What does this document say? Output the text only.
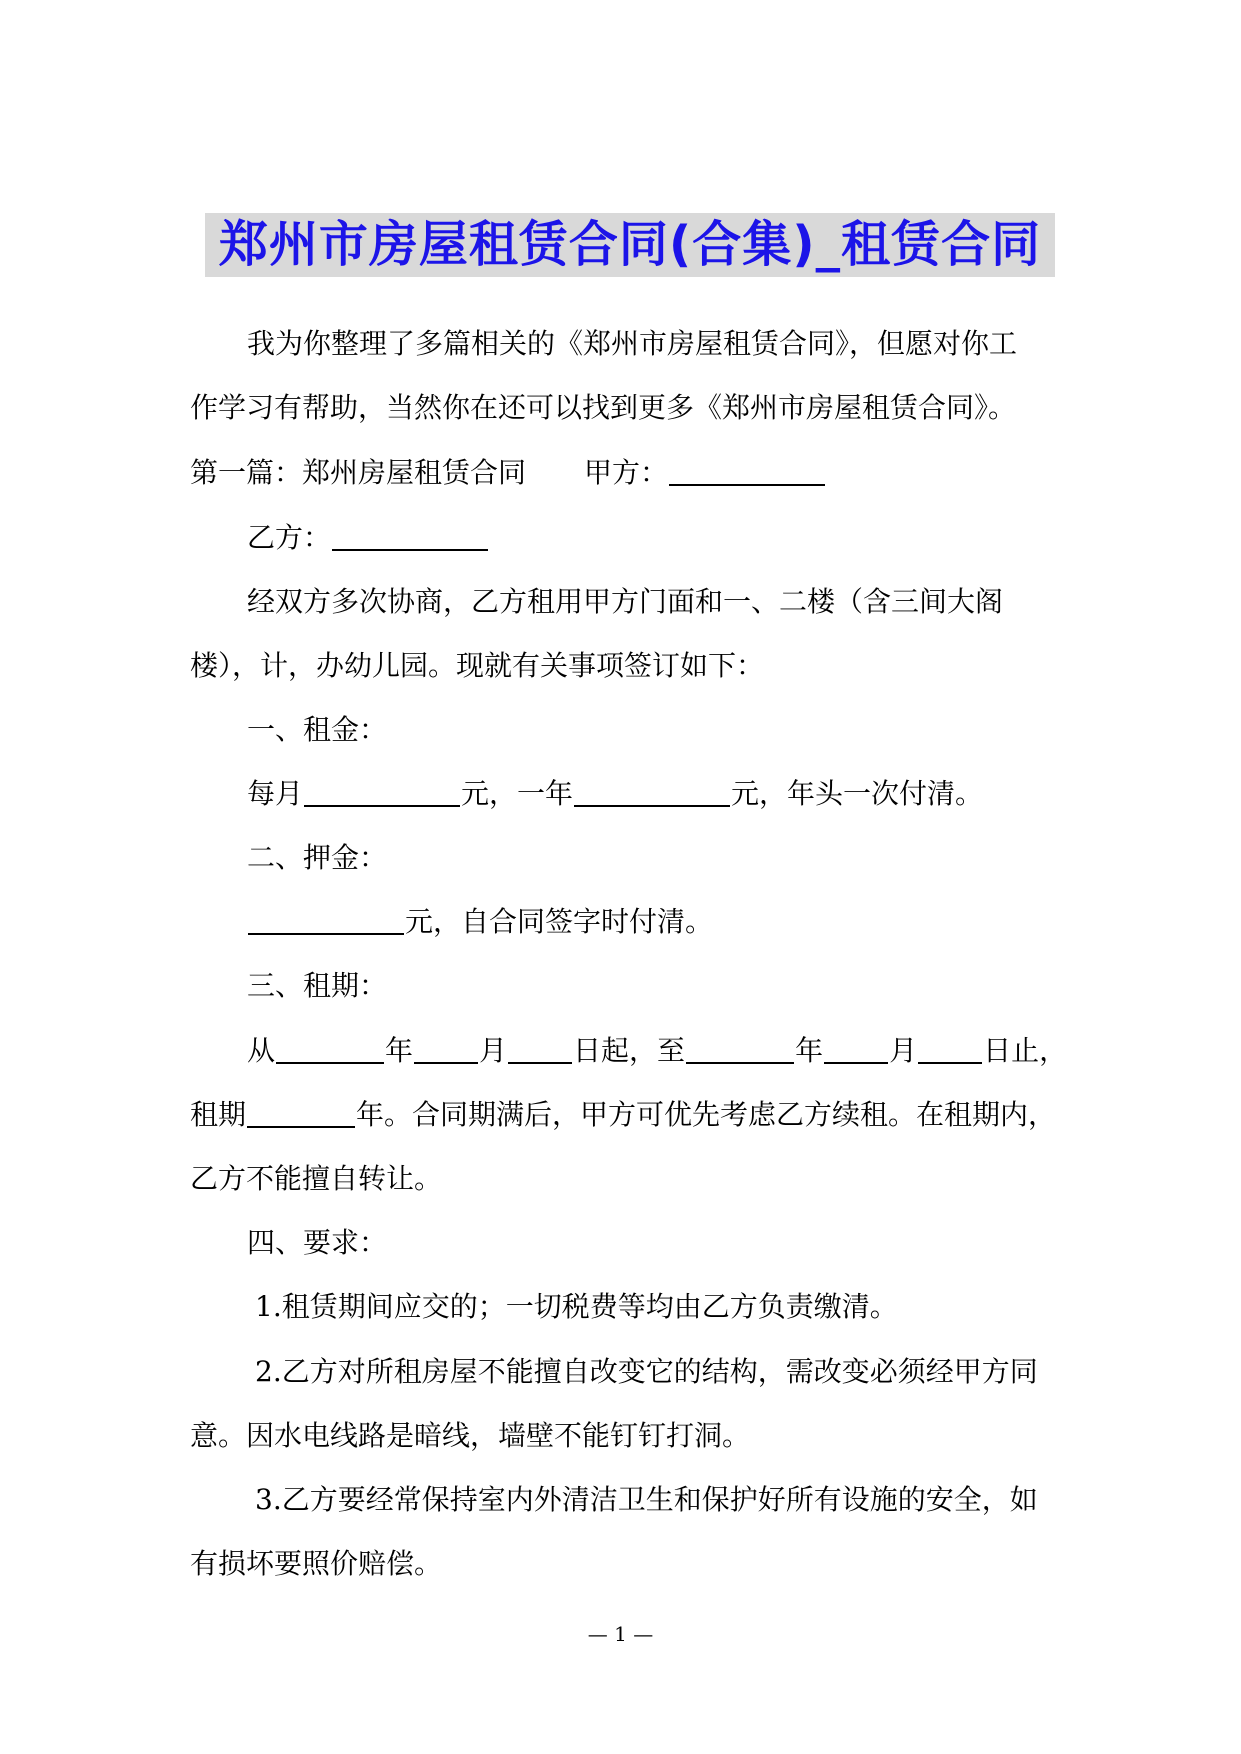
郑州市房屋租赁合同(合集)_租赁合同
我为你整理了多篇相关的《郑州市房屋租赁合同》，但愿对你工
作学习有帮助，当然你在还可以找到更多《郑州市房屋租赁合同》。
第一篇：郑州房屋租赁合同 甲方：
乙方：
经双方多次协商，乙方租用甲方门面和一、二楼（含三间大阁
楼），计，办幼儿园。现就有关事项签订如下：
一、租金：
每月	元，一年	元，年头一次付清。
二、押金：
元，自合同签字时付清。
三、租期：
从	年 月 日起，至	年 月 日止，
租期	年。合同期满后，甲方可优先考虑乙方续租。在租期内，
乙方不能擅自转让。
四、要求：
1.租赁期间应交的；一切税费等均由乙方负责缴清。
2.乙方对所租房屋不能擅自改变它的结构，需改变必须经甲方同
意。因水电线路是暗线，墙壁不能钉钉打洞。
3.乙方要经常保持室内外清洁卫生和保护好所有设施的安全，如
有损坏要照价赔偿。
— 1 —
